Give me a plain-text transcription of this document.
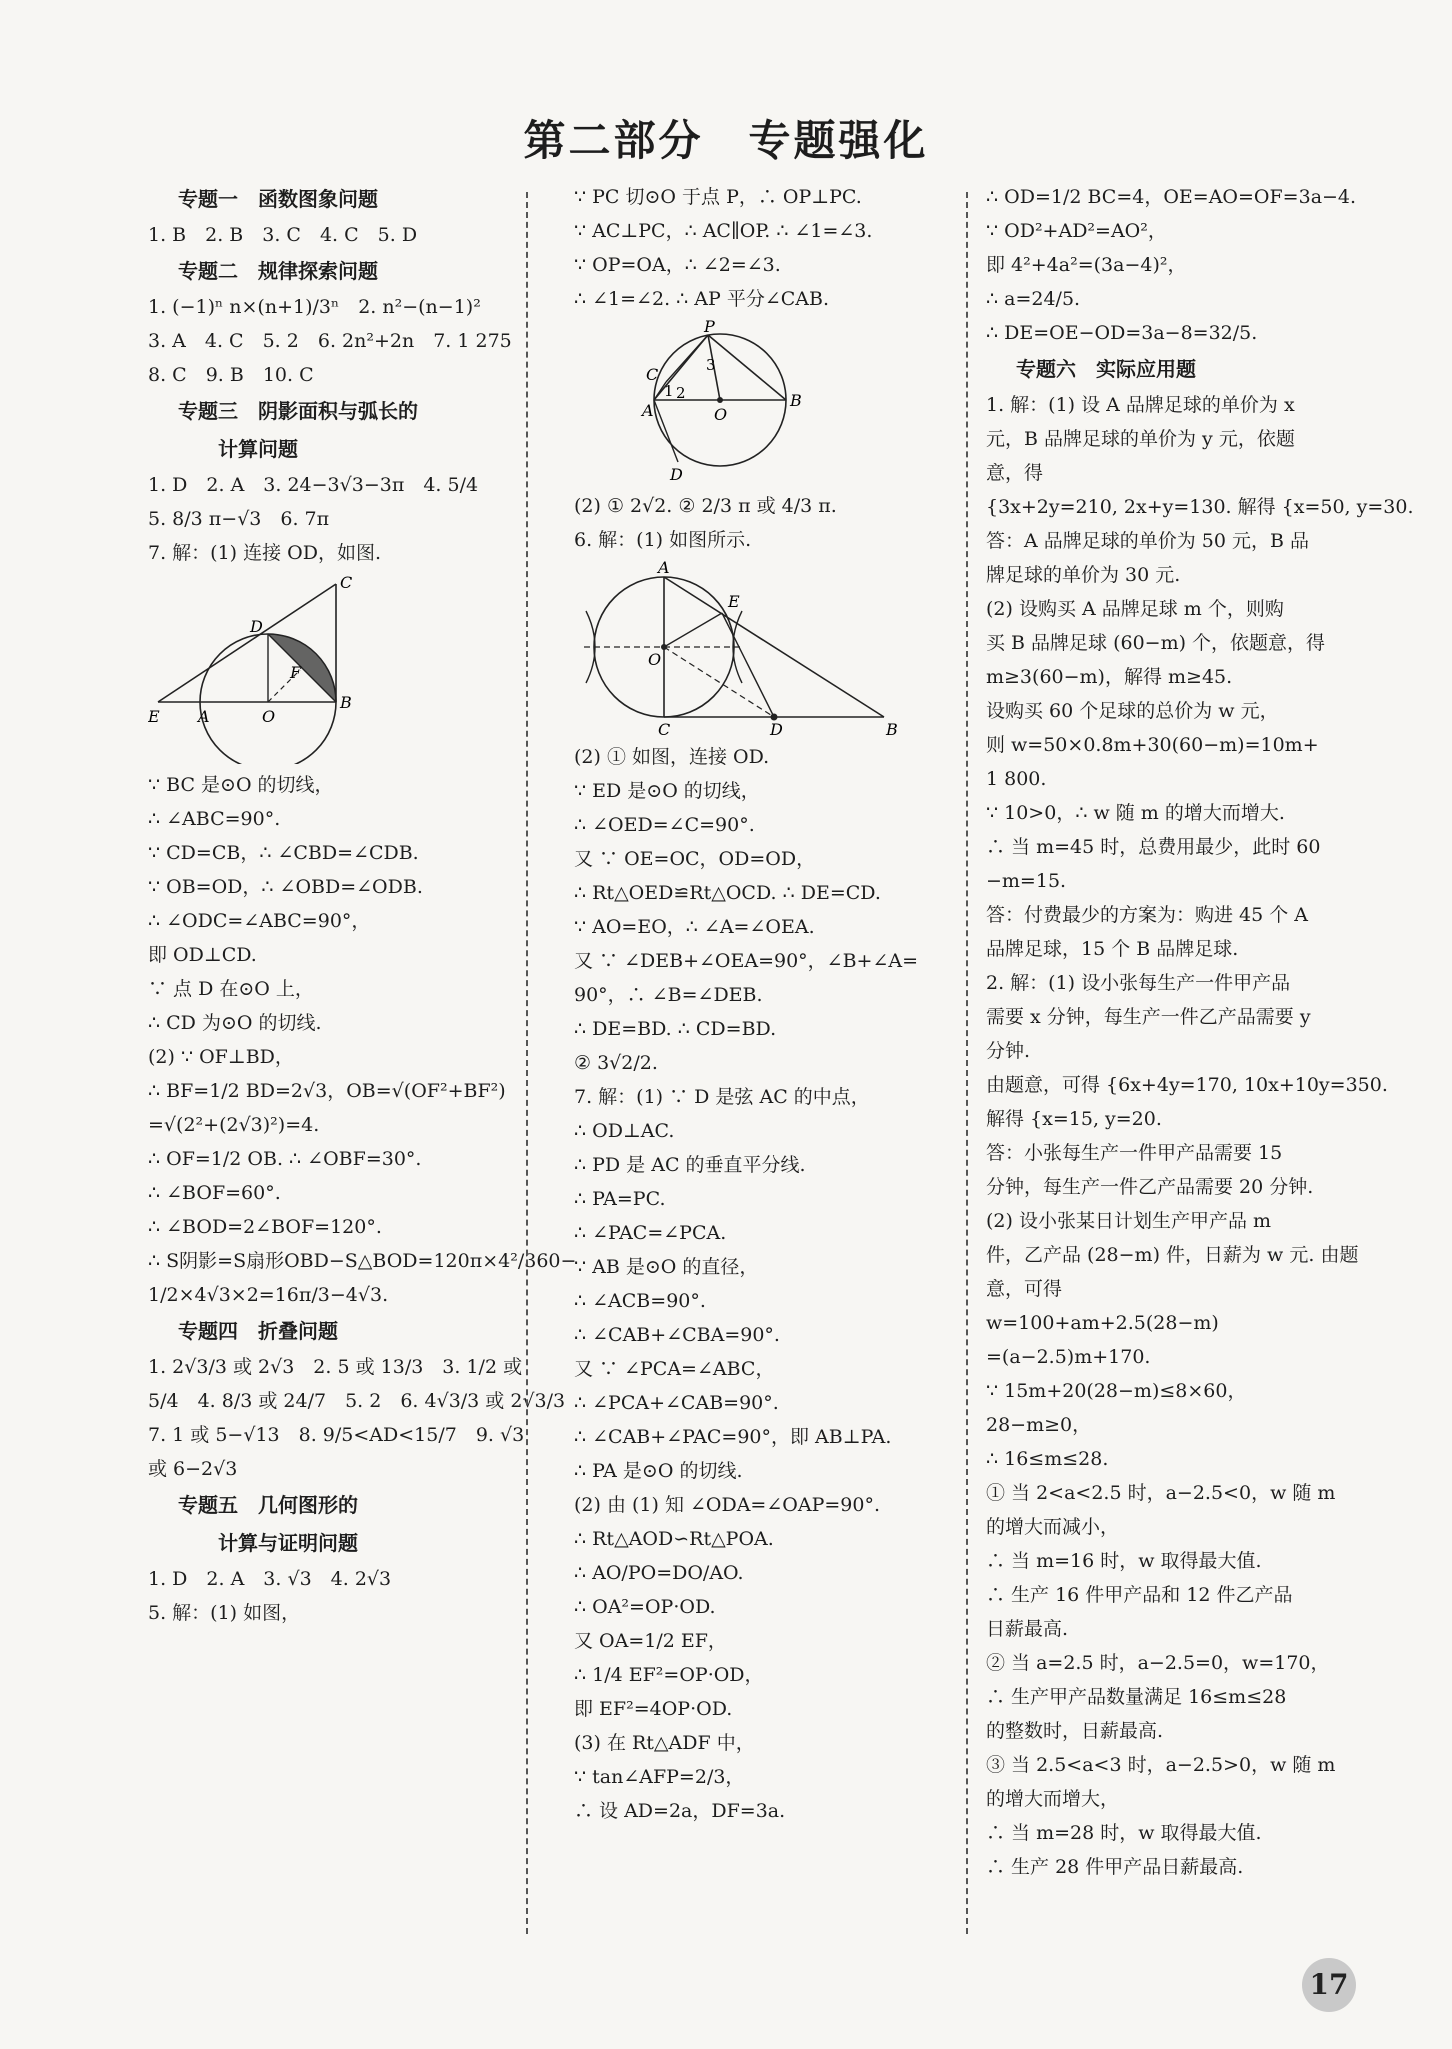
第二部分　专题强化
专题一　函数图象问题
1. B　2. B　3. C　4. C　5. D
专题二　规律探索问题
1. (−1)ⁿ n×(n+1)/3ⁿ　2. n²−(n−1)²
3. A　4. C　5. 2　6. 2n²+2n　7. 1 275
8. C　9. B　10. C
专题三　阴影面积与弧长的
　　计算问题
1. D　2. A　3. 24−3√3−3π　4. 5/4
5. 8/3 π−√3　6. 7π
7. 解：(1) 连接 OD，如图.
C
D
F
E A	O
B
∵ BC 是⊙O 的切线，
∴ ∠ABC=90°.
∵ CD=CB，∴ ∠CBD=∠CDB.
∵ OB=OD，∴ ∠OBD=∠ODB.
∴ ∠ODC=∠ABC=90°，
即 OD⊥CD.
∵ 点 D 在⊙O 上，
∴ CD 为⊙O 的切线.
(2) ∵ OF⊥BD，
∴ BF=1/2 BD=2√3，OB=√(OF²+BF²)
=√(2²+(2√3)²)=4.
∴ OF=1/2 OB. ∴ ∠OBF=30°.
∴ ∠BOF=60°.
∴ ∠BOD=2∠BOF=120°.
∴ S阴影=S扇形OBD−S△BOD=120π×4²/360−
1/2×4√3×2=16π/3−4√3.
专题四　折叠问题
1. 2√3/3 或 2√3　2. 5 或 13/3　3. 1/2 或
5/4　4. 8/3 或 24/7　5. 2　6. 4√3/3 或 2√3/3
7. 1 或 5−√13　8. 9/5<AD<15/7　9. √3
或 6−2√3
专题五　几何图形的
　　计算与证明问题
1. D　2. A　3. √3　4. 2√3
5. 解：(1) 如图，
∵ PC 切⊙O 于点 P，∴ OP⊥PC.
∵ AC⊥PC，∴ AC∥OP. ∴ ∠1=∠3.
∵ OP=OA，∴ ∠2=∠3.
∴ ∠1=∠2. ∴ AP 平分∠CAB.
P
C	3
1 2
A	O
B
D
(2) ① 2√2. ② 2/3 π 或 4/3 π.
6. 解：(1) 如图所示.
A
E
O
C	D	B
(2) ① 如图，连接 OD.
∵ ED 是⊙O 的切线，
∴ ∠OED=∠C=90°.
又 ∵ OE=OC，OD=OD，
∴ Rt△OED≌Rt△OCD. ∴ DE=CD.
∵ AO=EO，∴ ∠A=∠OEA.
又 ∵ ∠DEB+∠OEA=90°，∠B+∠A=
90°，∴ ∠B=∠DEB.
∴ DE=BD. ∴ CD=BD.
② 3√2/2.
7. 解：(1) ∵ D 是弦 AC 的中点，
∴ OD⊥AC.
∴ PD 是 AC 的垂直平分线.
∴ PA=PC.
∴ ∠PAC=∠PCA.
∵ AB 是⊙O 的直径，
∴ ∠ACB=90°.
∴ ∠CAB+∠CBA=90°.
又 ∵ ∠PCA=∠ABC，
∴ ∠PCA+∠CAB=90°.
∴ ∠CAB+∠PAC=90°，即 AB⊥PA.
∴ PA 是⊙O 的切线.
(2) 由 (1) 知 ∠ODA=∠OAP=90°.
∴ Rt△AOD∽Rt△POA.
∴ AO/PO=DO/AO.
∴ OA²=OP·OD.
又 OA=1/2 EF，
∴ 1/4 EF²=OP·OD，
即 EF²=4OP·OD.
(3) 在 Rt△ADF 中，
∵ tan∠AFP=2/3，
∴ 设 AD=2a，DF=3a.
∴ OD=1/2 BC=4，OE=AO=OF=3a−4.
∵ OD²+AD²=AO²，
即 4²+4a²=(3a−4)²，
∴ a=24/5.
∴ DE=OE−OD=3a−8=32/5.
专题六　实际应用题
1. 解：(1) 设 A 品牌足球的单价为 x
元，B 品牌足球的单价为 y 元，依题
意，得
{3x+2y=210, 2x+y=130. 解得 {x=50, y=30.
答：A 品牌足球的单价为 50 元，B 品
牌足球的单价为 30 元.
(2) 设购买 A 品牌足球 m 个，则购
买 B 品牌足球 (60−m) 个，依题意，得
m≥3(60−m)，解得 m≥45.
设购买 60 个足球的总价为 w 元，
则 w=50×0.8m+30(60−m)=10m+
1 800.
∵ 10>0，∴ w 随 m 的增大而增大.
∴ 当 m=45 时，总费用最少，此时 60
−m=15.
答：付费最少的方案为：购进 45 个 A
品牌足球，15 个 B 品牌足球.
2. 解：(1) 设小张每生产一件甲产品
需要 x 分钟，每生产一件乙产品需要 y
分钟.
由题意，可得 {6x+4y=170, 10x+10y=350.
解得 {x=15, y=20.
答：小张每生产一件甲产品需要 15
分钟，每生产一件乙产品需要 20 分钟.
(2) 设小张某日计划生产甲产品 m
件，乙产品 (28−m) 件，日薪为 w 元. 由题
意，可得
w=100+am+2.5(28−m)
=(a−2.5)m+170.
∵ 15m+20(28−m)≤8×60，
28−m≥0，
∴ 16≤m≤28.
① 当 2<a<2.5 时，a−2.5<0，w 随 m
的增大而减小，
∴ 当 m=16 时，w 取得最大值.
∴ 生产 16 件甲产品和 12 件乙产品
日薪最高.
② 当 a=2.5 时，a−2.5=0，w=170，
∴ 生产甲产品数量满足 16≤m≤28
的整数时，日薪最高.
③ 当 2.5<a<3 时，a−2.5>0，w 随 m
的增大而增大，
∴ 当 m=28 时，w 取得最大值.
∴ 生产 28 件甲产品日薪最高.
17
